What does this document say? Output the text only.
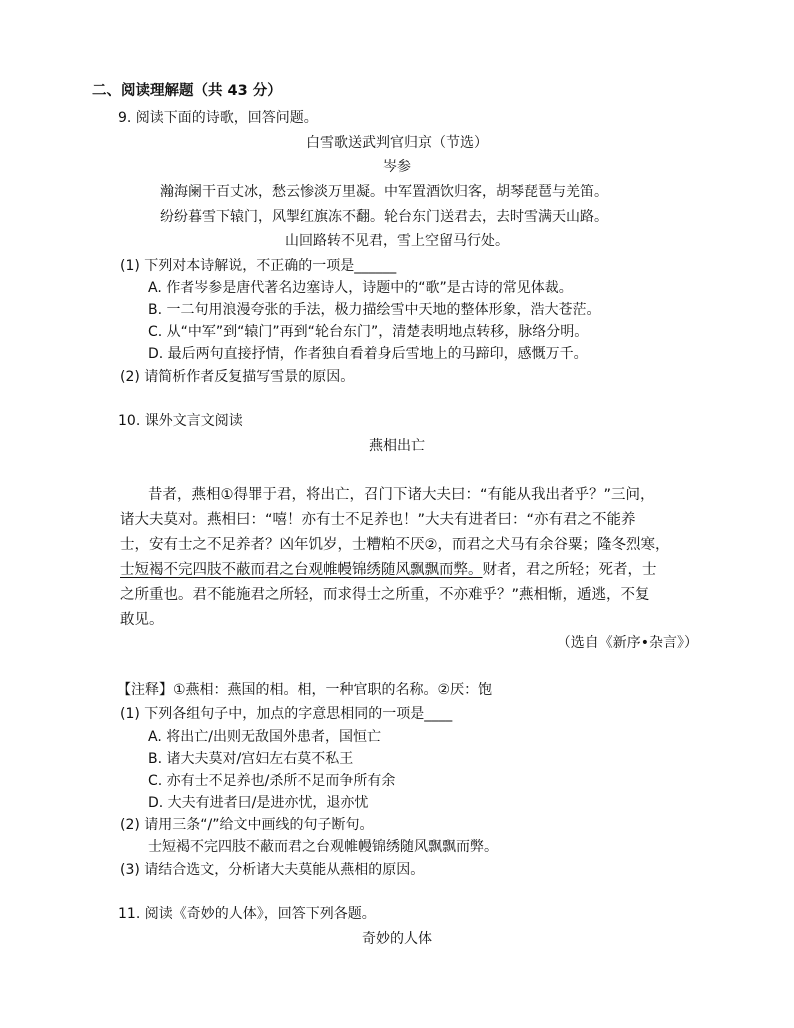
二、阅读理解题（共 43 分）
9. 阅读下面的诗歌，回答问题。
白雪歌送武判官归京（节选）
岑参
瀚海阑干百丈冰，愁云惨淡万里凝。中军置酒饮归客，胡琴琵琶与羌笛。
纷纷暮雪下辕门，风掣红旗冻不翻。轮台东门送君去，去时雪满天山路。
山回路转不见君，雪上空留马行处。
(1) 下列对本诗解说，不正确的一项是______
A. 作者岑参是唐代著名边塞诗人，诗题中的“歌”是古诗的常见体裁。
B. 一二句用浪漫夸张的手法，极力描绘雪中天地的整体形象，浩大苍茫。
C. 从“中军”到“辕门”再到“轮台东门”，清楚表明地点转移，脉络分明。
D. 最后两句直接抒情，作者独自看着身后雪地上的马蹄印，感慨万千。
(2) 请简析作者反复描写雪景的原因。
10. 课外文言文阅读
燕相出亡
昔者，燕相①得罪于君，将出亡，召门下诸大夫曰：“有能从我出者乎？”三问，
诸大夫莫对。燕相曰：“嘻！亦有士不足养也！”大夫有进者曰：“亦有君之不能养
士，安有士之不足养者？凶年饥岁，士糟粕不厌②，而君之犬马有余谷粟；隆冬烈寒，
士短褐不完四肢不蔽而君之台观帷幔锦绣随风飘飘而弊。财者，君之所轻；死者，士
之所重也。君不能施君之所轻，而求得士之所重，不亦难乎？”燕相惭，遁逃，不复
敢见。
（选自《新序•杂言》）
【注释】①燕相：燕国的相。相，一种官职的名称。②厌：饱
(1) 下列各组句子中，加点的字意思相同的一项是____
A. 将出亡/出则无敌国外患者，国恒亡
B. 诸大夫莫对/宫妇左右莫不私王
C. 亦有士不足养也/杀所不足而争所有余
D. 大夫有进者曰/是进亦忧，退亦忧
(2) 请用三条“/”给文中画线的句子断句。
士短褐不完四肢不蔽而君之台观帷幔锦绣随风飘飘而弊。
(3) 请结合选文，分析诸大夫莫能从燕相的原因。
11. 阅读《奇妙的人体》，回答下列各题。
奇妙的人体
